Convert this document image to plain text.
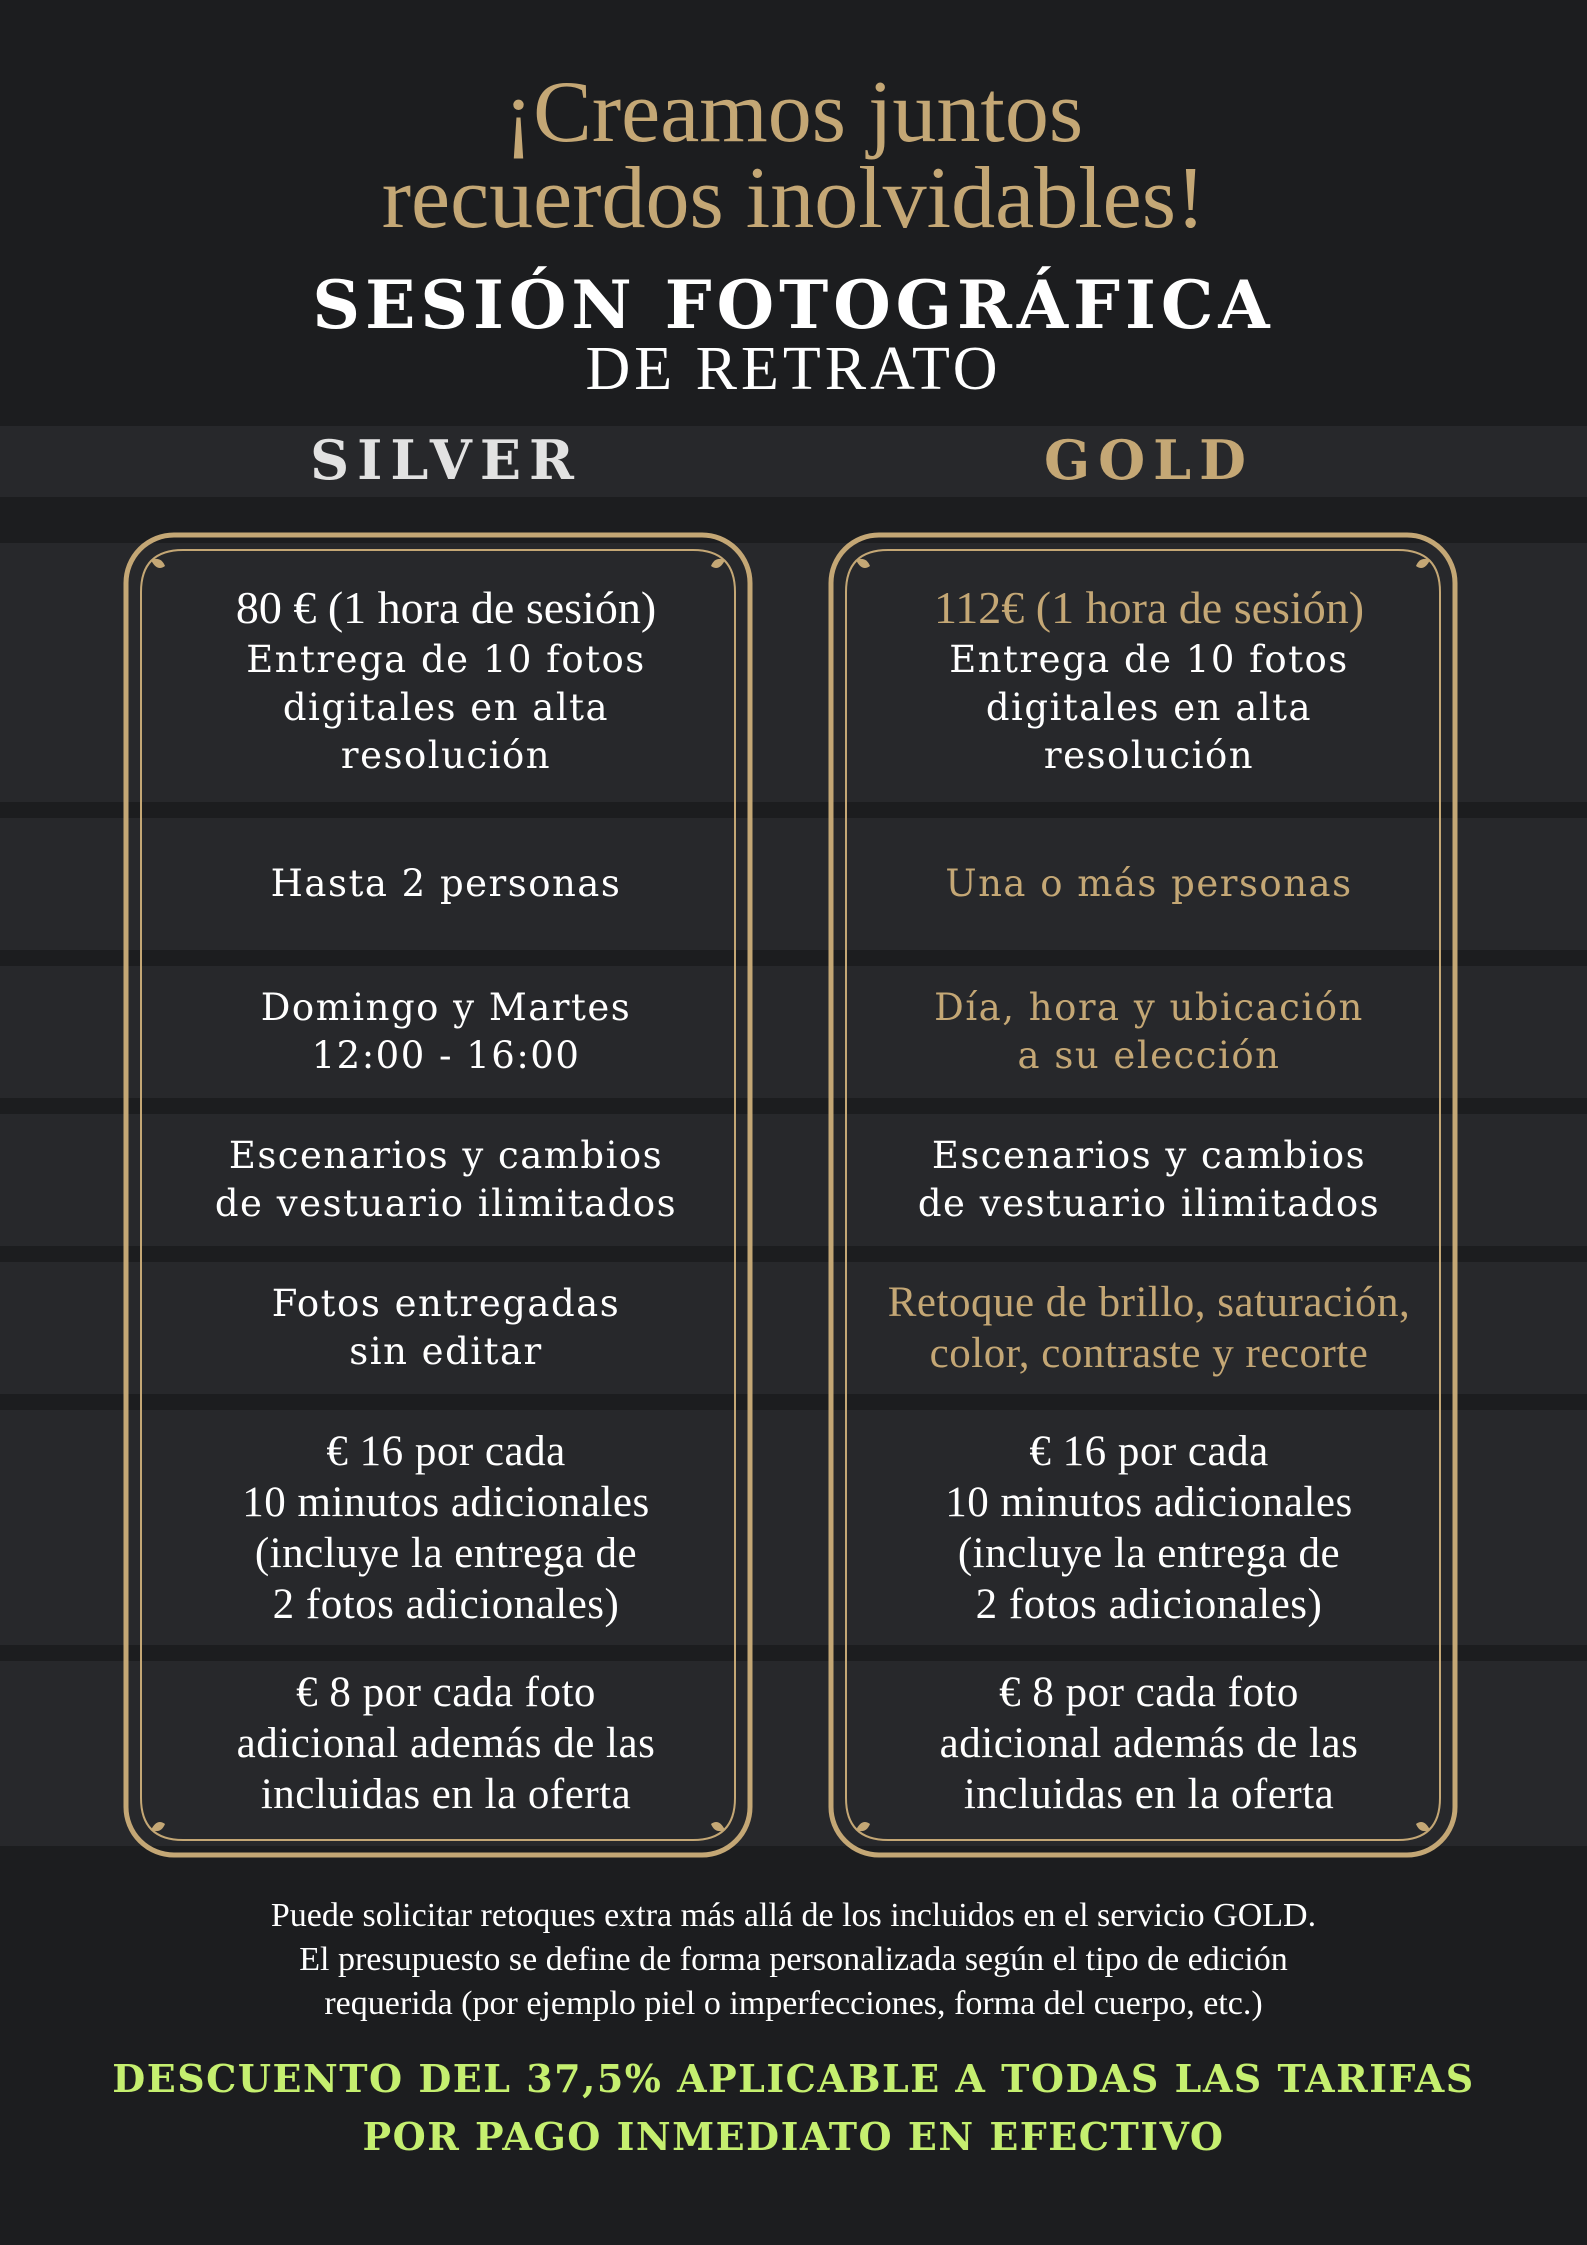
¡Creamos juntos
recuerdos inolvidables!
SESIÓN FOTOGRÁFICA
DE RETRATO
SILVER	GOLD
80 € (1 hora de sesión)
Entrega de 10 fotos
digitales en alta
resolución
112€ (1 hora de sesión)
Entrega de 10 fotos
digitales en alta
resolución
Hasta 2 personas	Una o más personas
Domingo y Martes
12:00 - 16:00
Día, hora y ubicación
a su elección
Escenarios y cambios
de vestuario ilimitados
Escenarios y cambios
de vestuario ilimitados
Fotos entregadas
sin editar
Retoque de brillo, saturación,
color, contraste y recorte
€ 16 por cada
10 minutos adicionales
(incluye la entrega de
2 fotos adicionales)
€ 16 por cada
10 minutos adicionales
(incluye la entrega de
2 fotos adicionales)
€ 8 por cada foto
adicional además de las
incluidas en la oferta
€ 8 por cada foto
adicional además de las
incluidas en la oferta
Puede solicitar retoques extra más allá de los incluidos en el servicio GOLD.
El presupuesto se define de forma personalizada según el tipo de edición
requerida (por ejemplo piel o imperfecciones, forma del cuerpo, etc.)
DESCUENTO DEL 37,5% APLICABLE A TODAS LAS TARIFAS
POR PAGO INMEDIATO EN EFECTIVO
